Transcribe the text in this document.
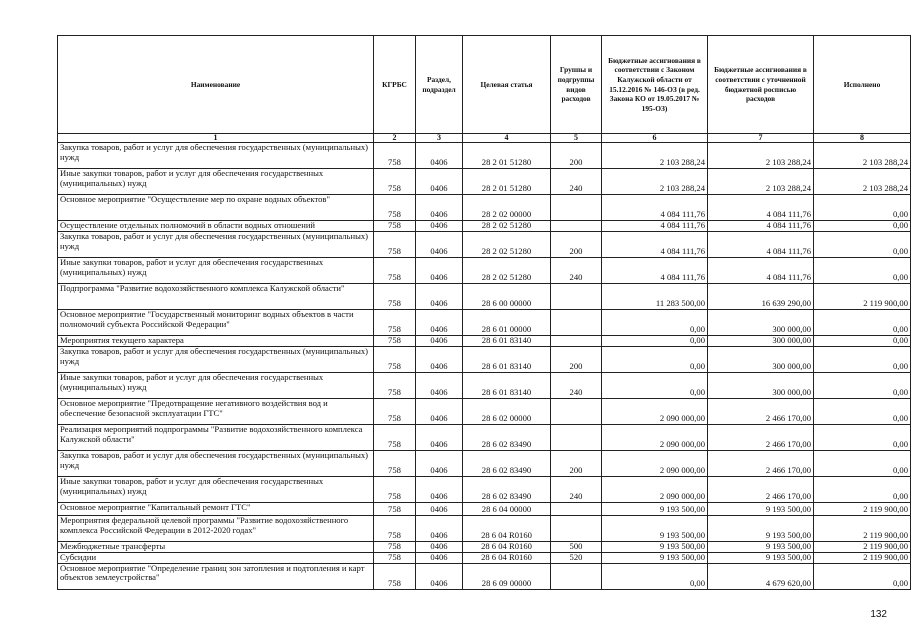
Наименование	КГРБС	Раздел, подраздел	Целевая статья	Группы и подгруппы видов расходов	Бюджетные ассигнования в соответствии с Законом Калужской области от 15.12.2016 № 146-ОЗ (в ред. Закона КО от 19.05.2017 № 195-ОЗ)	Бюджетные ассигнования в соответствии с уточненной бюджетной росписью расходов	Исполнено
1	2	3	4	5	6	7	8
Закупка товаров, работ и услуг для обеспечения государственных (муниципальных) нужд	758	0406	28 2 01 51280	200	2 103 288,24	2 103 288,24	2 103 288,24
Иные закупки товаров, работ и услуг для обеспечения государственных (муниципальных) нужд	758	0406	28 2 01 51280	240	2 103 288,24	2 103 288,24	2 103 288,24
Основное мероприятие "Осуществление мер по охране водных объектов"	758	0406	28 2 02 00000		4 084 111,76	4 084 111,76	0,00
Осуществление отдельных полномочий в области водных отношений	758	0406	28 2 02 51280		4 084 111,76	4 084 111,76	0,00
Закупка товаров, работ и услуг для обеспечения государственных (муниципальных) нужд	758	0406	28 2 02 51280	200	4 084 111,76	4 084 111,76	0,00
Иные закупки товаров, работ и услуг для обеспечения государственных (муниципальных) нужд	758	0406	28 2 02 51280	240	4 084 111,76	4 084 111,76	0,00
Подпрограмма "Развитие водохозяйственного комплекса Калужской области"	758	0406	28 6 00 00000		11 283 500,00	16 639 290,00	2 119 900,00
Основное мероприятие "Государственный мониторинг водных объектов в части полномочий субъекта Российской Федерации"	758	0406	28 6 01 00000		0,00	300 000,00	0,00
Мероприятия текущего характера	758	0406	28 6 01 83140		0,00	300 000,00	0,00
Закупка товаров, работ и услуг для обеспечения государственных (муниципальных) нужд	758	0406	28 6 01 83140	200	0,00	300 000,00	0,00
Иные закупки товаров, работ и услуг для обеспечения государственных (муниципальных) нужд	758	0406	28 6 01 83140	240	0,00	300 000,00	0,00
Основное мероприятие "Предотвращение негативного воздействия вод и обеспечение безопасной эксплуатации ГТС"	758	0406	28 6 02 00000		2 090 000,00	2 466 170,00	0,00
Реализация мероприятий подпрограммы "Развитие водохозяйственного комплекса Калужской области"	758	0406	28 6 02 83490		2 090 000,00	2 466 170,00	0,00
Закупка товаров, работ и услуг для обеспечения государственных (муниципальных) нужд	758	0406	28 6 02 83490	200	2 090 000,00	2 466 170,00	0,00
Иные закупки товаров, работ и услуг для обеспечения государственных (муниципальных) нужд	758	0406	28 6 02 83490	240	2 090 000,00	2 466 170,00	0,00
Основное мероприятие "Капитальный ремонт ГТС"	758	0406	28 6 04 00000		9 193 500,00	9 193 500,00	2 119 900,00
Мероприятия федеральной целевой программы "Развитие водохозяйственного комплекса Российской Федерации в 2012-2020 годах"	758	0406	28 6 04 R0160		9 193 500,00	9 193 500,00	2 119 900,00
Межбюджетные трансферты	758	0406	28 6 04 R0160	500	9 193 500,00	9 193 500,00	2 119 900,00
Субсидии	758	0406	28 6 04 R0160	520	9 193 500,00	9 193 500,00	2 119 900,00
Основное мероприятие "Определение границ зон затопления и подтопления и карт объектов землеустройства"	758	0406	28 6 09 00000		0,00	4 679 620,00	0,00
132
